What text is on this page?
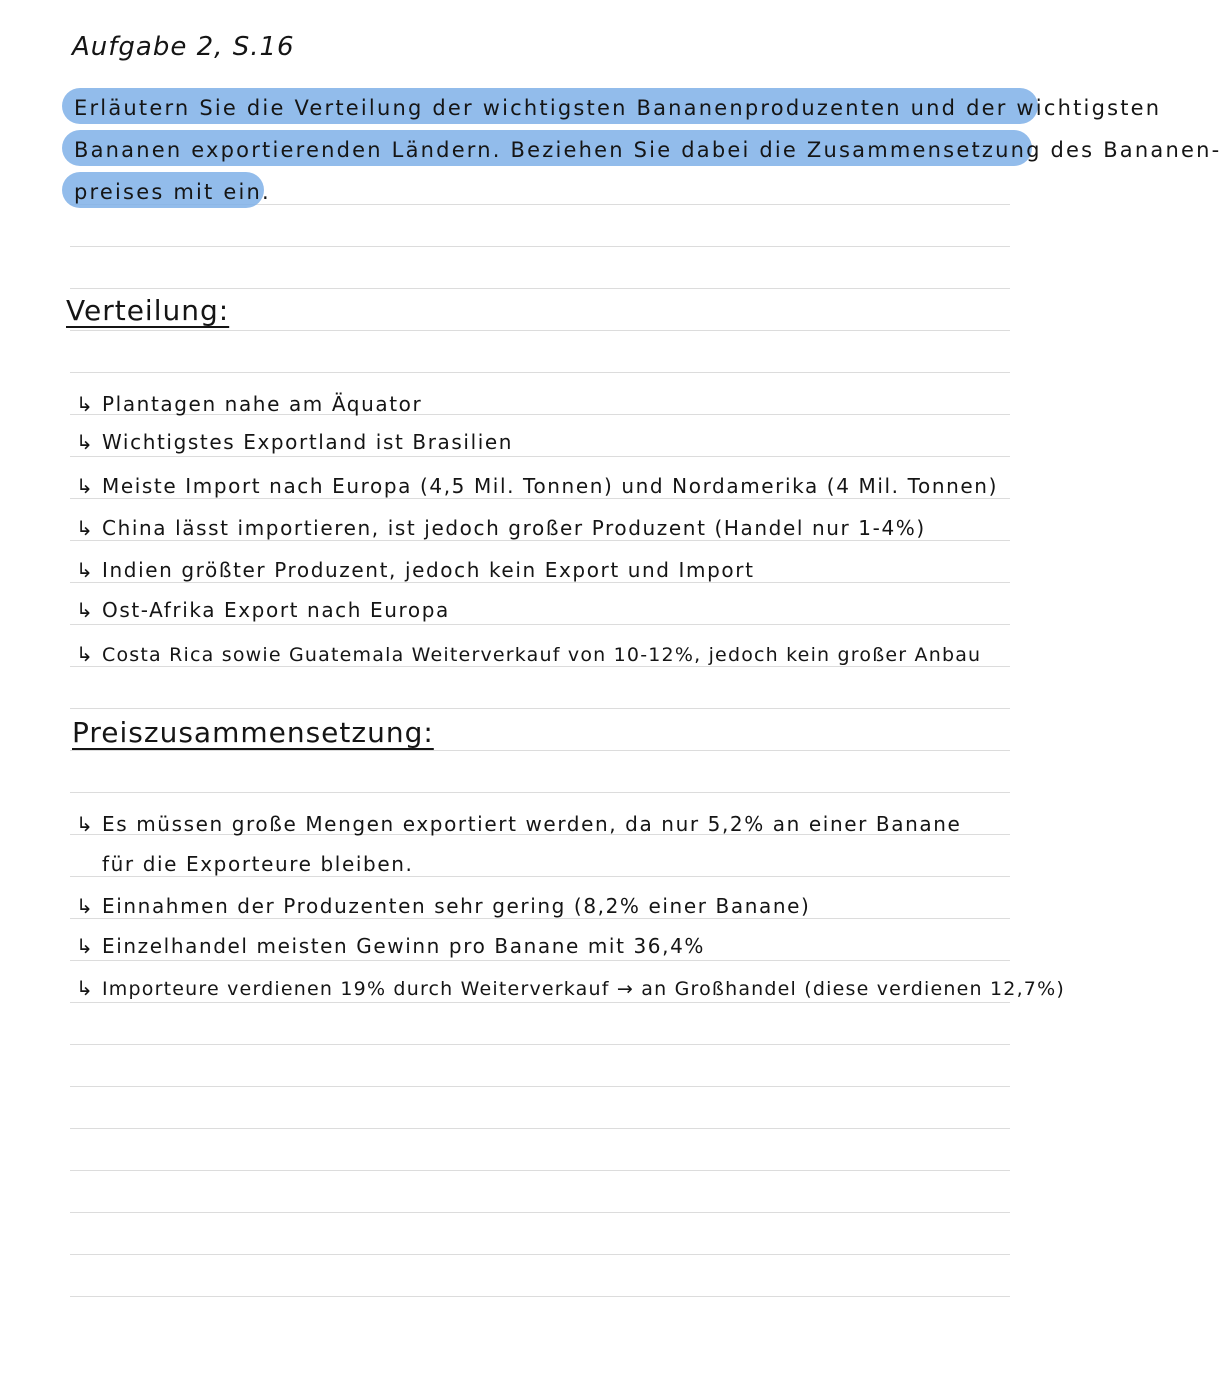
Aufgabe 2, S.16
Erläutern Sie die Verteilung der wichtigsten Bananenproduzenten und der wichtigsten
Bananen exportierenden Ländern. Beziehen Sie dabei die Zusammensetzung des Bananen-
preises mit ein.
Verteilung:
↳ Plantagen nahe am Äquator
↳ Wichtigstes Exportland ist Brasilien
↳ Meiste Import nach Europa (4,5 Mil. Tonnen) und Nordamerika (4 Mil. Tonnen)
↳ China lässt importieren, ist jedoch großer Produzent (Handel nur 1-4%)
↳ Indien größter Produzent, jedoch kein Export und Import
↳ Ost-Afrika Export nach Europa
↳ Costa Rica sowie Guatemala Weiterverkauf von 10-12%, jedoch kein großer Anbau
Preiszusammensetzung:
↳ Es müssen große Mengen exportiert werden, da nur 5,2% an einer Banane
für die Exporteure bleiben.
↳ Einnahmen der Produzenten sehr gering (8,2% einer Banane)
↳ Einzelhandel meisten Gewinn pro Banane mit 36,4%
↳ Importeure verdienen 19% durch Weiterverkauf → an Großhandel (diese verdienen 12,7%)
